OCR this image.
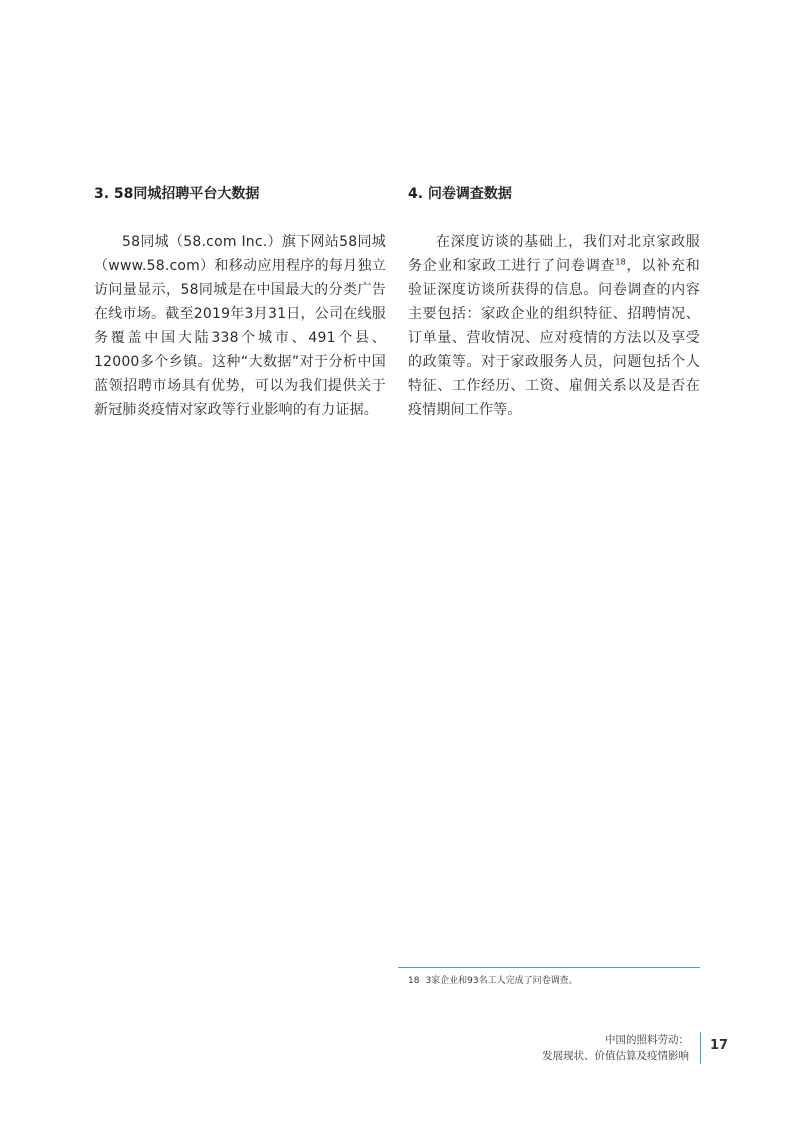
3. 58同城招聘平台大数据

58同城（58.com Inc.）旗下网站58同城（www.58.com）和移动应用程序的每月独立访问量显示，58同城是在中国最大的分类广告在线市场。截至2019年3月31日，公司在线服务覆盖中国大陆338个城市、491个县、12000多个乡镇。这种“大数据”对于分析中国蓝领招聘市场具有优势，可以为我们提供关于新冠肺炎疫情对家政等行业影响的有力证据。

4. 问卷调查数据

在深度访谈的基础上，我们对北京家政服务企业和家政工进行了问卷调查$^{18}$，以补充和验证深度访谈所获得的信息。问卷调查的内容主要包括：家政企业的组织特征、招聘情况、订单量、营收情况、应对疫情的方法以及享受的政策等。对于家政服务人员，问题包括个人特征、工作经历、工资、雇佣关系以及是否在疫情期间工作等。

18 3家企业和93名工人完成了问卷调查。
中国的照料劳动：
发展现状、价值估算及疫情影响
17
